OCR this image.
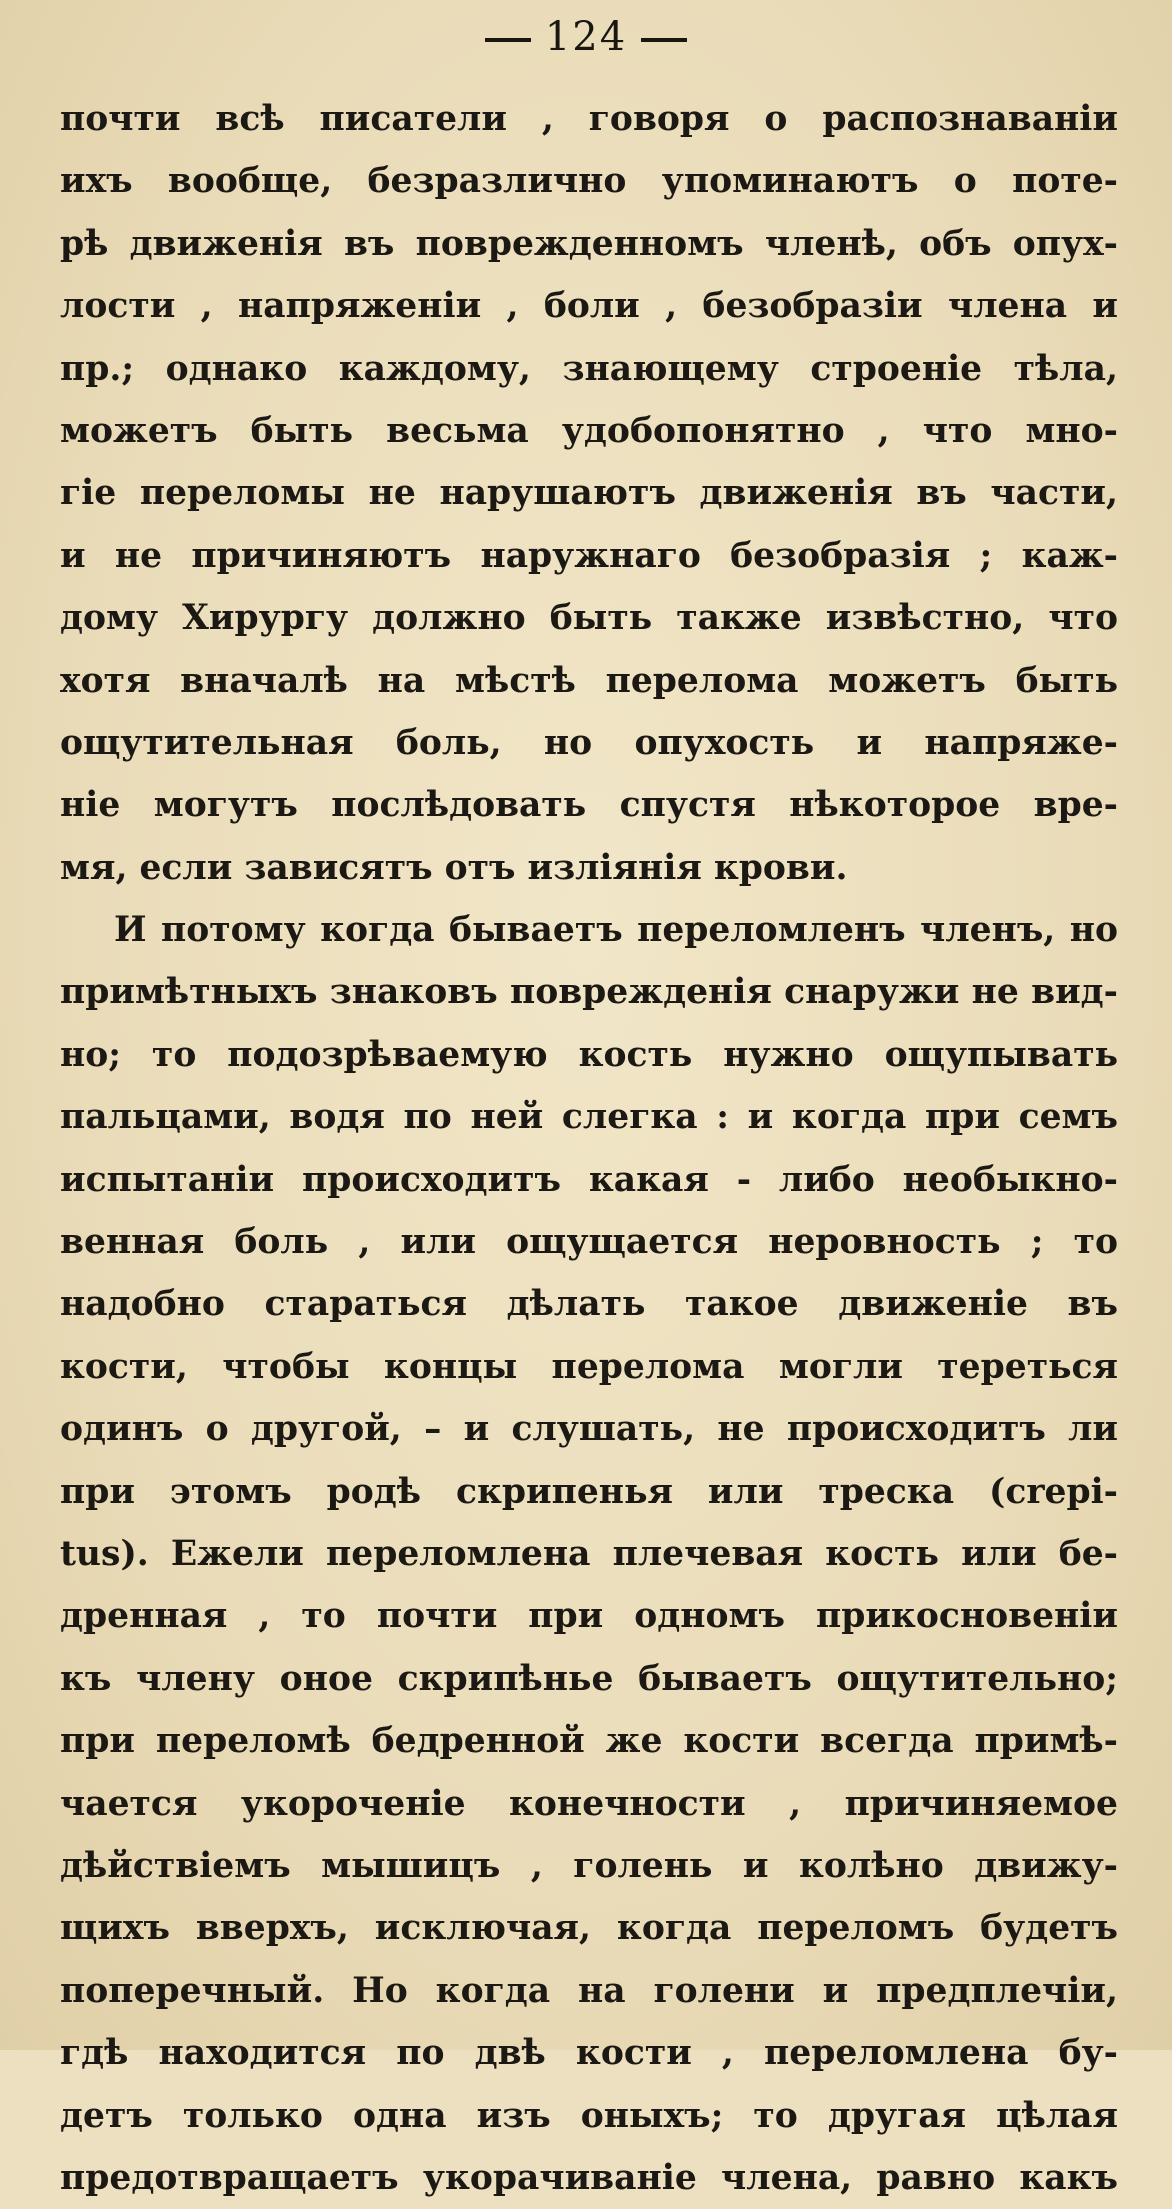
124
почти всѣ писатели , говоря о распознаваніи
ихъ вообще, безразлично упоминаютъ о поте-
рѣ движенія въ поврежденномъ членѣ, объ опух-
лости , напряженіи , боли , безобразіи члена и
пр.; однако каждому, знающему строеніе тѣла,
можетъ быть весьма удобопонятно , что мно-
гіе переломы не нарушаютъ движенія въ части,
и не причиняютъ наружнаго безобразія ; каж-
дому Хирургу должно быть также извѣстно, что
хотя вначалѣ на мѣстѣ перелома можетъ быть
ощутительная боль, но опухость и напряже-
ніе могутъ послѣдовать спустя нѣкоторое вре-
мя, если зависятъ отъ изліянія крови.
И потому когда бываетъ переломленъ членъ, но
примѣтныхъ знаковъ поврежденія снаружи не вид-
но; то подозрѣваемую кость нужно ощупывать
пальцами, водя по ней слегка : и когда при семъ
испытаніи происходитъ какая - либо необыкно-
венная боль , или ощущается неровность ; то
надобно стараться дѣлать такое движеніе въ
кости, чтобы концы перелома могли тереться
одинъ о другой, – и слушать, не происходитъ ли
при этомъ родѣ скрипенья или треска (crepi-
tus). Ежели переломлена плечевая кость или бе-
дренная , то почти при одномъ прикосновеніи
къ члену оное скрипѣнье бываетъ ощутительно;
при переломѣ бедренной же кости всегда примѣ-
чается укороченіе конечности , причиняемое
дѣйствіемъ мышицъ , голень и колѣно движу-
щихъ вверхъ, исключая, когда переломъ будетъ
поперечный. Но когда на голени и предплечіи,
гдѣ находится по двѣ кости , переломлена бу-
детъ только одна изъ оныхъ; то другая цѣлая
предотвращаетъ укорачиваніе члена, равно какъ
